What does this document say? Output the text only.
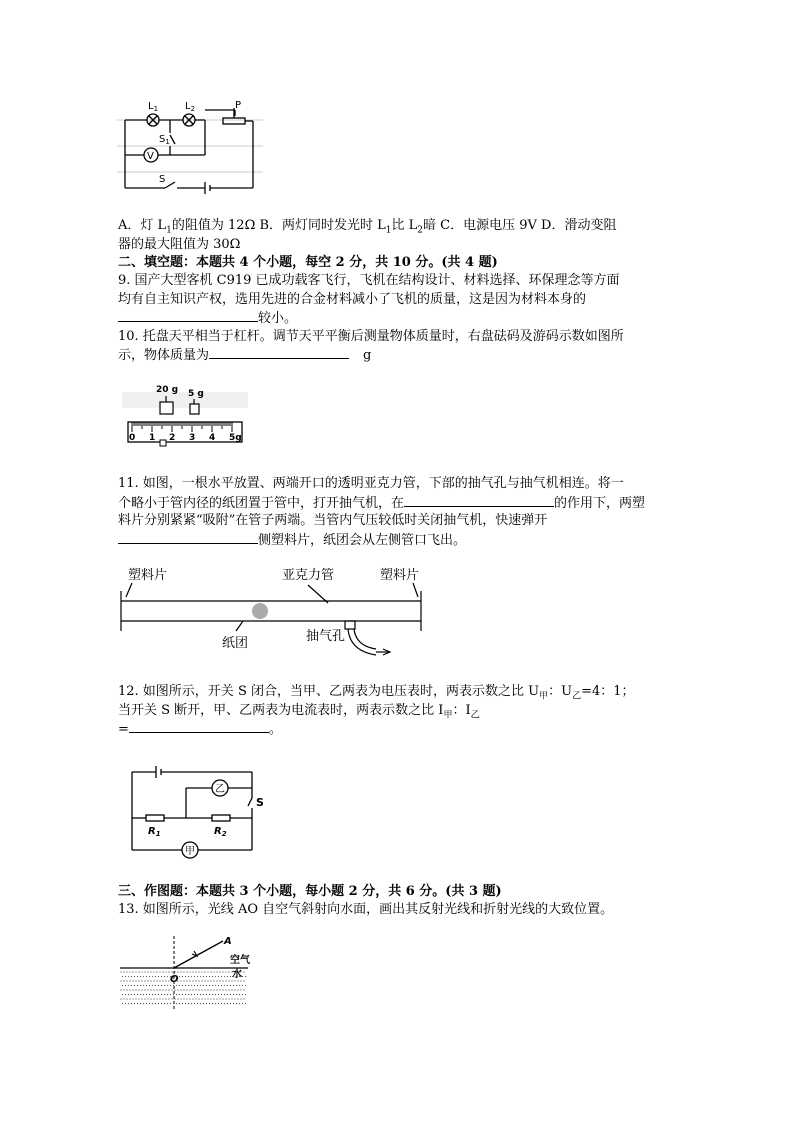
$L_1$	$L_2$	P
$S_1$
V
S
A．灯 $L_1$的阻值为 12Ω B．两灯同时发光时 $L_1$比 $L_2$暗 C．电源电压 9V D．滑动变阻
器的最大阻值为 30Ω
二、填空题：本题共 4 个小题，每空 2 分，共 10 分。(共 4 题)
9. 国产大型客机 C919 已成功载客飞行，飞机在结构设计、材料选择、环保理念等方面
均有自主知识产权，选用先进的合金材料减小了飞机的质量，这是因为材料本身的
较小。
10. 托盘天平相当于杠杆。调节天平平衡后测量物体质量时，右盘砝码及游码示数如图所
示，物体质量为	g
20 g 5 g
0 1 2 3 4 5g
11. 如图，一根水平放置、两端开口的透明亚克力管，下部的抽气孔与抽气机相连。将一
个略小于管内径的纸团置于管中，打开抽气机，在	的作用下，两塑
料片分别紧紧“吸附”在管子两端。当管内气压较低时关闭抽气机，快速弹开
侧塑料片，纸团会从左侧管口飞出。
塑料片	亚克力管	塑料片
纸团	抽气孔
12. 如图所示，开关 S 闭合，当甲、乙两表为电压表时，两表示数之比 $U_甲$：$U_乙=4$：1；
当开关 S 断开，甲、乙两表为电流表时，两表示数之比 $I_甲$：$I_乙$
=	。
乙
甲
$R_1$	$R_2$
S
三、作图题：本题共 3 个小题，每小题 2 分，共 6 分。(共 3 题)
13. 如图所示，光线 AO 自空气斜射向水面，画出其反射光线和折射光线的大致位置。
A
O
空气
水
